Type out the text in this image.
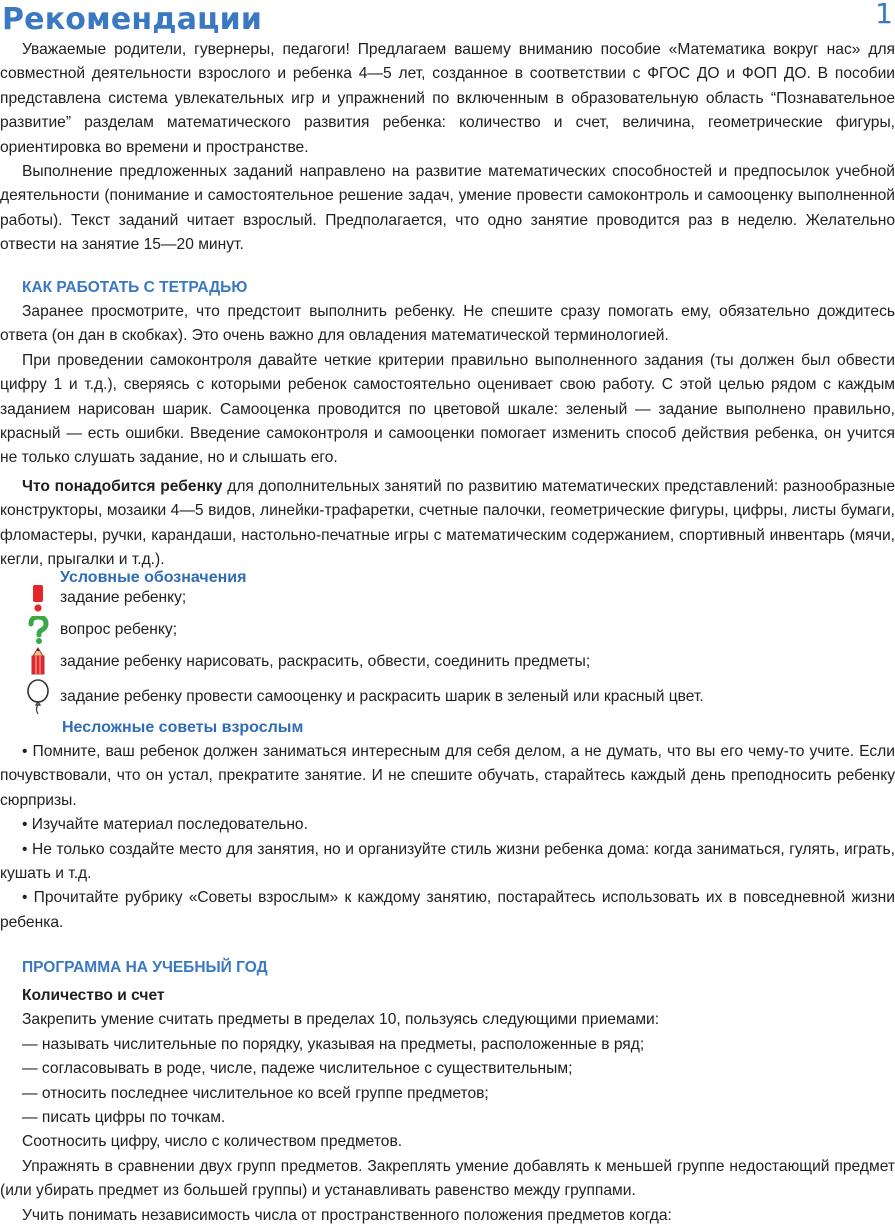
Рекомендации	1

Уважаемые родители, гувернеры, педагоги! Предлагаем вашему вниманию пособие «Математика вокруг нас» для совместной деятельности взрослого и ребенка 4—5 лет, созданное в соответствии с ФГОС ДО и ФОП ДО. В пособии представлена система увлекательных игр и упражнений по включенным в образовательную область “Познавательное развитие” разделам математического развития ребенка: количество и счет, величина, геометрические фигуры, ориентировка во времени и пространстве.

Выполнение предложенных заданий направлено на развитие математических способностей и предпосылок учебной деятельности (понимание и самостоятельное решение задач, умение провести самоконтроль и самооценку выполненной работы). Текст заданий читает взрослый. Предполагается, что одно занятие проводится раз в неделю. Желательно отвести на занятие 15—20 минут.

КАК РАБОТАТЬ С ТЕТРАДЬЮ

Заранее просмотрите, что предстоит выполнить ребенку. Не спешите сразу помогать ему, обязательно дождитесь ответа (он дан в скобках). Это очень важно для овладения математической терминологией.

При проведении самоконтроля давайте четкие критерии правильно выполненного задания (ты должен был обвести цифру 1 и т.д.), сверяясь с которыми ребенок самостоятельно оценивает свою работу. С этой целью рядом с каждым заданием нарисован шарик. Самооценка проводится по цветовой шкале: зеленый — задание выполнено правильно, красный — есть ошибки. Введение самоконтроля и самооценки помогает изменить способ действия ребенка, он учится не только слушать задание, но и слышать его.

Что понадобится ребенку для дополнительных занятий по развитию математических представлений: разнообразные конструкторы, мозаики 4—5 видов, линейки-трафаретки, счетные палочки, геометрические фигуры, цифры, листы бумаги, фломастеры, ручки, карандаши, настольно-печатные игры с математическим содержанием, спортивный инвентарь (мячи, кегли, прыгалки и т.д.).

Условные обозначения
задание ребенку;
вопрос ребенку;
задание ребенку нарисовать, раскрасить, обвести, соединить предметы;
задание ребенку провести самооценку и раскрасить шарик в зеленый или красный цвет.
Несложные советы взрослым

• Помните, ваш ребенок должен заниматься интересным для себя делом, а не думать, что вы его чему-то учите. Если почувствовали, что он устал, прекратите занятие. И не спешите обучать, старайтесь каждый день преподносить ребенку сюрпризы.

• Изучайте материал последовательно.

• Не только создайте место для занятия, но и организуйте стиль жизни ребенка дома: когда заниматься, гулять, играть, кушать и т.д.

• Прочитайте рубрику «Советы взрослым» к каждому занятию, постарайтесь использовать их в повседневной жизни ребенка.

ПРОГРАММА НА УЧЕБНЫЙ ГОД

Количество и счет

Закрепить умение считать предметы в пределах 10, пользуясь следующими приемами:

— называть числительные по порядку, указывая на предметы, расположенные в ряд;

— согласовывать в роде, числе, падеже числительное с существительным;

— относить последнее числительное ко всей группе предметов;

— писать цифры по точкам.

Соотносить цифру, число с количеством предметов.

Упражнять в сравнении двух групп предметов. Закреплять умение добавлять к меньшей группе недостающий предмет (или убирать предмет из большей группы) и устанавливать равенство между группами.

Учить понимать независимость числа от пространственного положения предметов когда:
